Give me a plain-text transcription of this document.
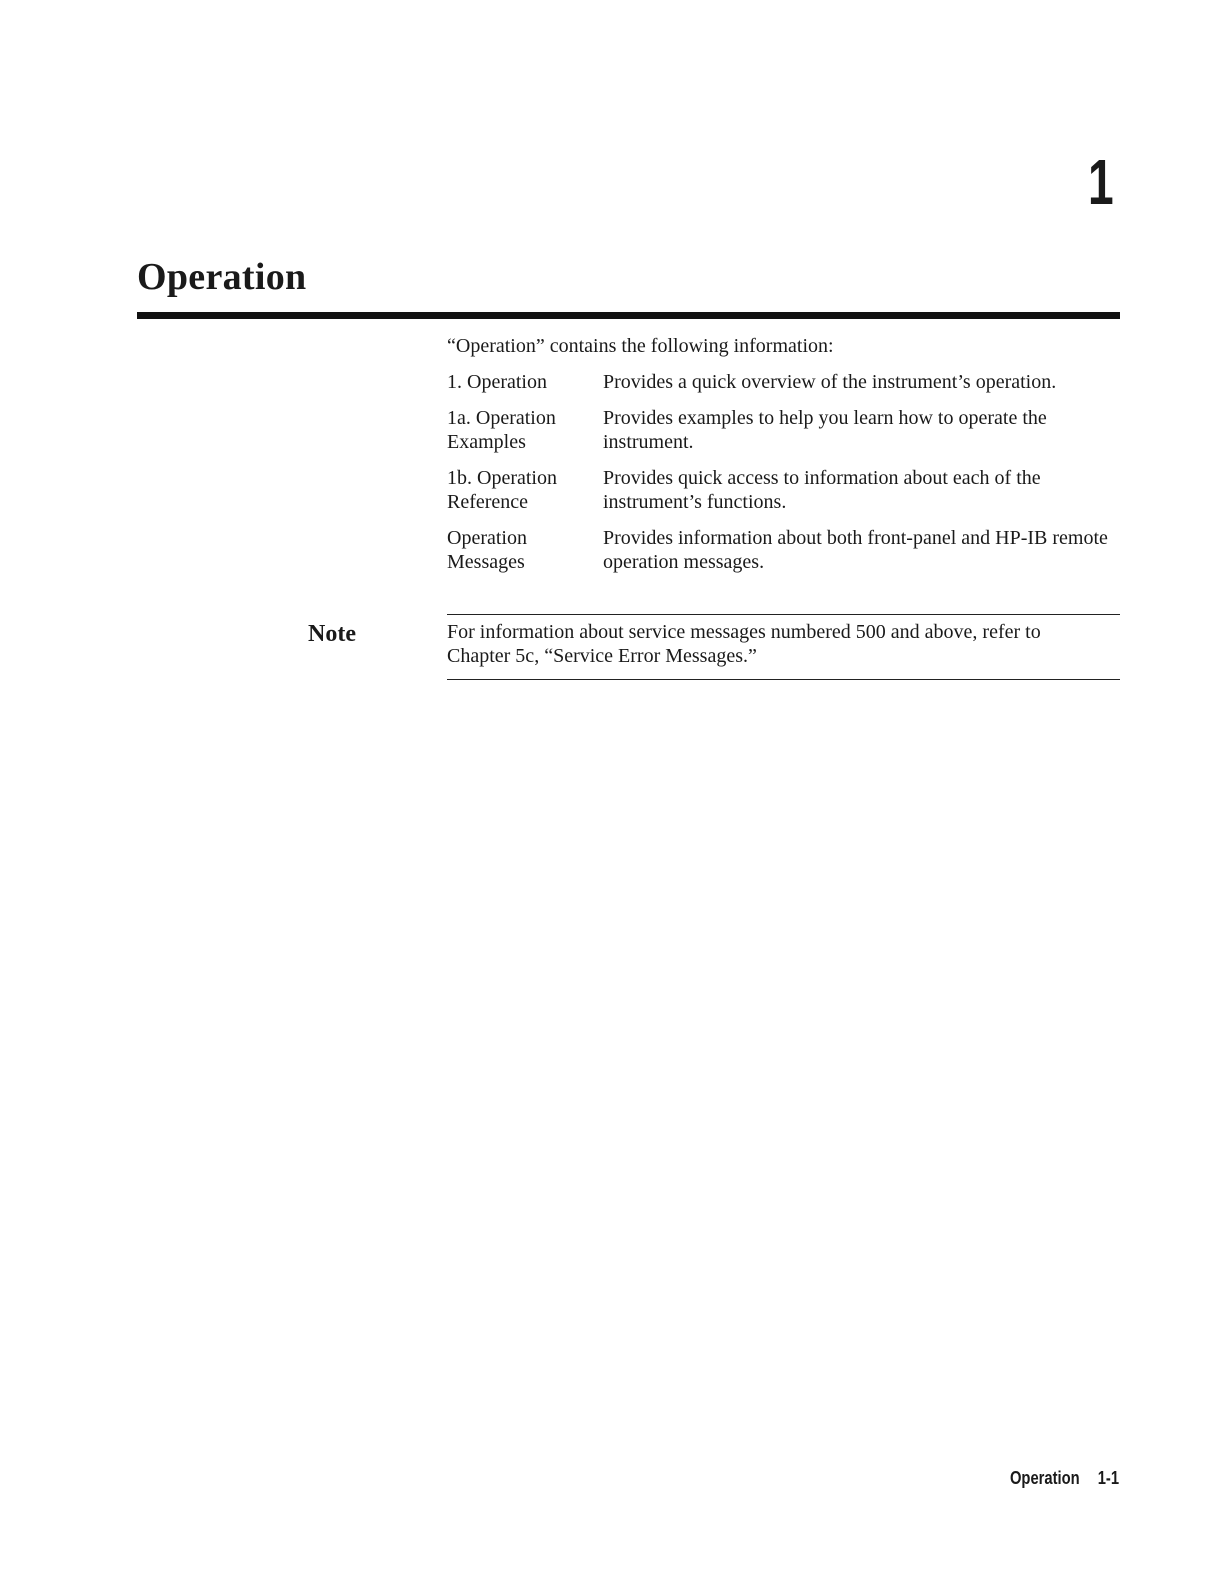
1
Operation
“Operation” contains the following information:
1. Operation	Provides a quick overview of the instrument’s operation.
1a. Operation Examples
Provides examples to help you learn how to operate the instrument.
1b. Operation Reference
Provides quick access to information about each of the instrument’s functions.
Operation Messages
Provides information about both front-panel and HP-IB remote operation messages.
Note	For information about service messages numbered 500 and above, refer to Chapter 5c, “Service Error Messages.”
Operation 1-1
